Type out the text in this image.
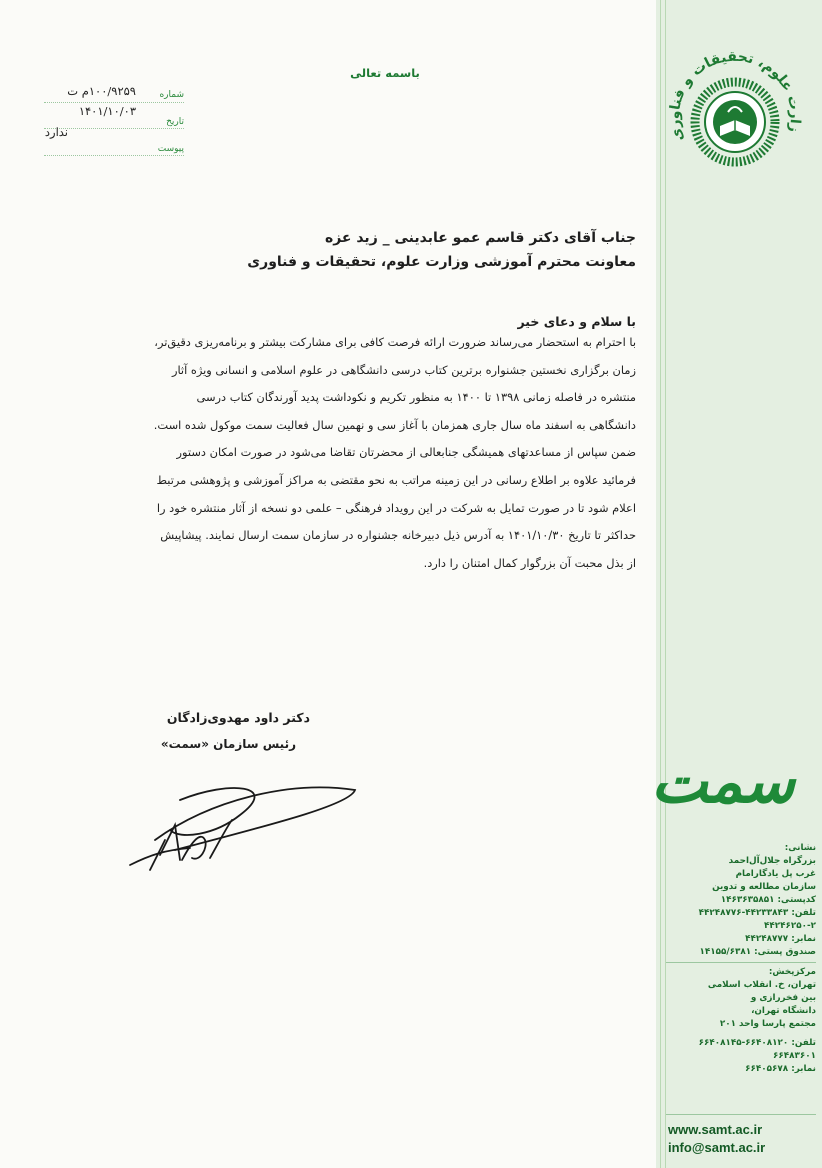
زارت علوم، تحقیقات و فناوری
باسمه تعالی
شماره
۱۰۰/۹۲۵۹م ت
تاریخ
۱۴۰۱/۱۰/۰۳
پیوست
ندارد

جناب آقای دکتر قاسم عمو عابدینی _ زید عزه

معاونت محترم آموزشی وزارت علوم، تحقیقات و فناوری

با سلام و دعای خیر

با احترام به استحضار می‌رساند ضرورت ارائه فرصت کافی برای مشارکت بیشتر و برنامه‌ریزی دقیق‌تر،

زمان برگزاری نخستین جشنواره برترین کتاب درسی دانشگاهی در علوم اسلامی و انسانی ویژه آثار

منتشره در فاصله زمانی ۱۳۹۸ تا ۱۴۰۰ به منظور تکریم و نکوداشت پدید آورندگان کتاب درسی

دانشگاهی به اسفند ماه سال جاری همزمان با آغاز سی و نهمین سال فعالیت سمت موکول شده است.

ضمن سپاس از مساعدتهای همیشگی جنابعالی از محضرتان تقاضا می‌شود در صورت امکان دستور

فرمائید علاوه بر اطلاع رسانی در این زمینه مراتب به نحو مقتضی به مراکز آموزشی و پژوهشی مرتبط

اعلام شود تا در صورت تمایل به شرکت در این رویداد فرهنگی – علمی دو نسخه از آثار منتشره خود را

حداکثر تا تاریخ ۱۴۰۱/۱۰/۳۰ به آدرس ذیل دبیرخانه جشنواره در سازمان سمت ارسال نمایند. پیشاپیش

از بذل محبت آن بزرگوار کمال امتنان را دارد.

دکتر داود مهدوی‌زادگان

رئیس سازمان «سمت»

سمت
نشانی:
بزرگراه جلال‌آل‌احمد
غرب پل یادگارامام
سازمان مطالعه و تدوین
کدپستی: ۱۴۶۳۶۳۵۸۵۱
تلفن: ۴۴۲۳۳۸۴۳-۴۴۲۴۸۷۷۶
۴۴۲۴۶۲۵۰-۲
نمابر: ۴۴۲۴۸۷۷۷
صندوق پستی: ۱۴۱۵۵/۶۳۸۱
مرکزپخش:
تهران، خ. انقلاب اسلامی
بین فخررازی و
دانشگاه تهران،
مجتمع پارسا واحد ۲۰۱
تلفن: ۶۶۴۰۸۱۲۰-۶۶۴۰۸۱۴۵
۶۶۴۸۳۶۰۱
نمابر: ۶۶۴۰۵۶۷۸
www.samt.ac.ir
info@samt.ac.ir
